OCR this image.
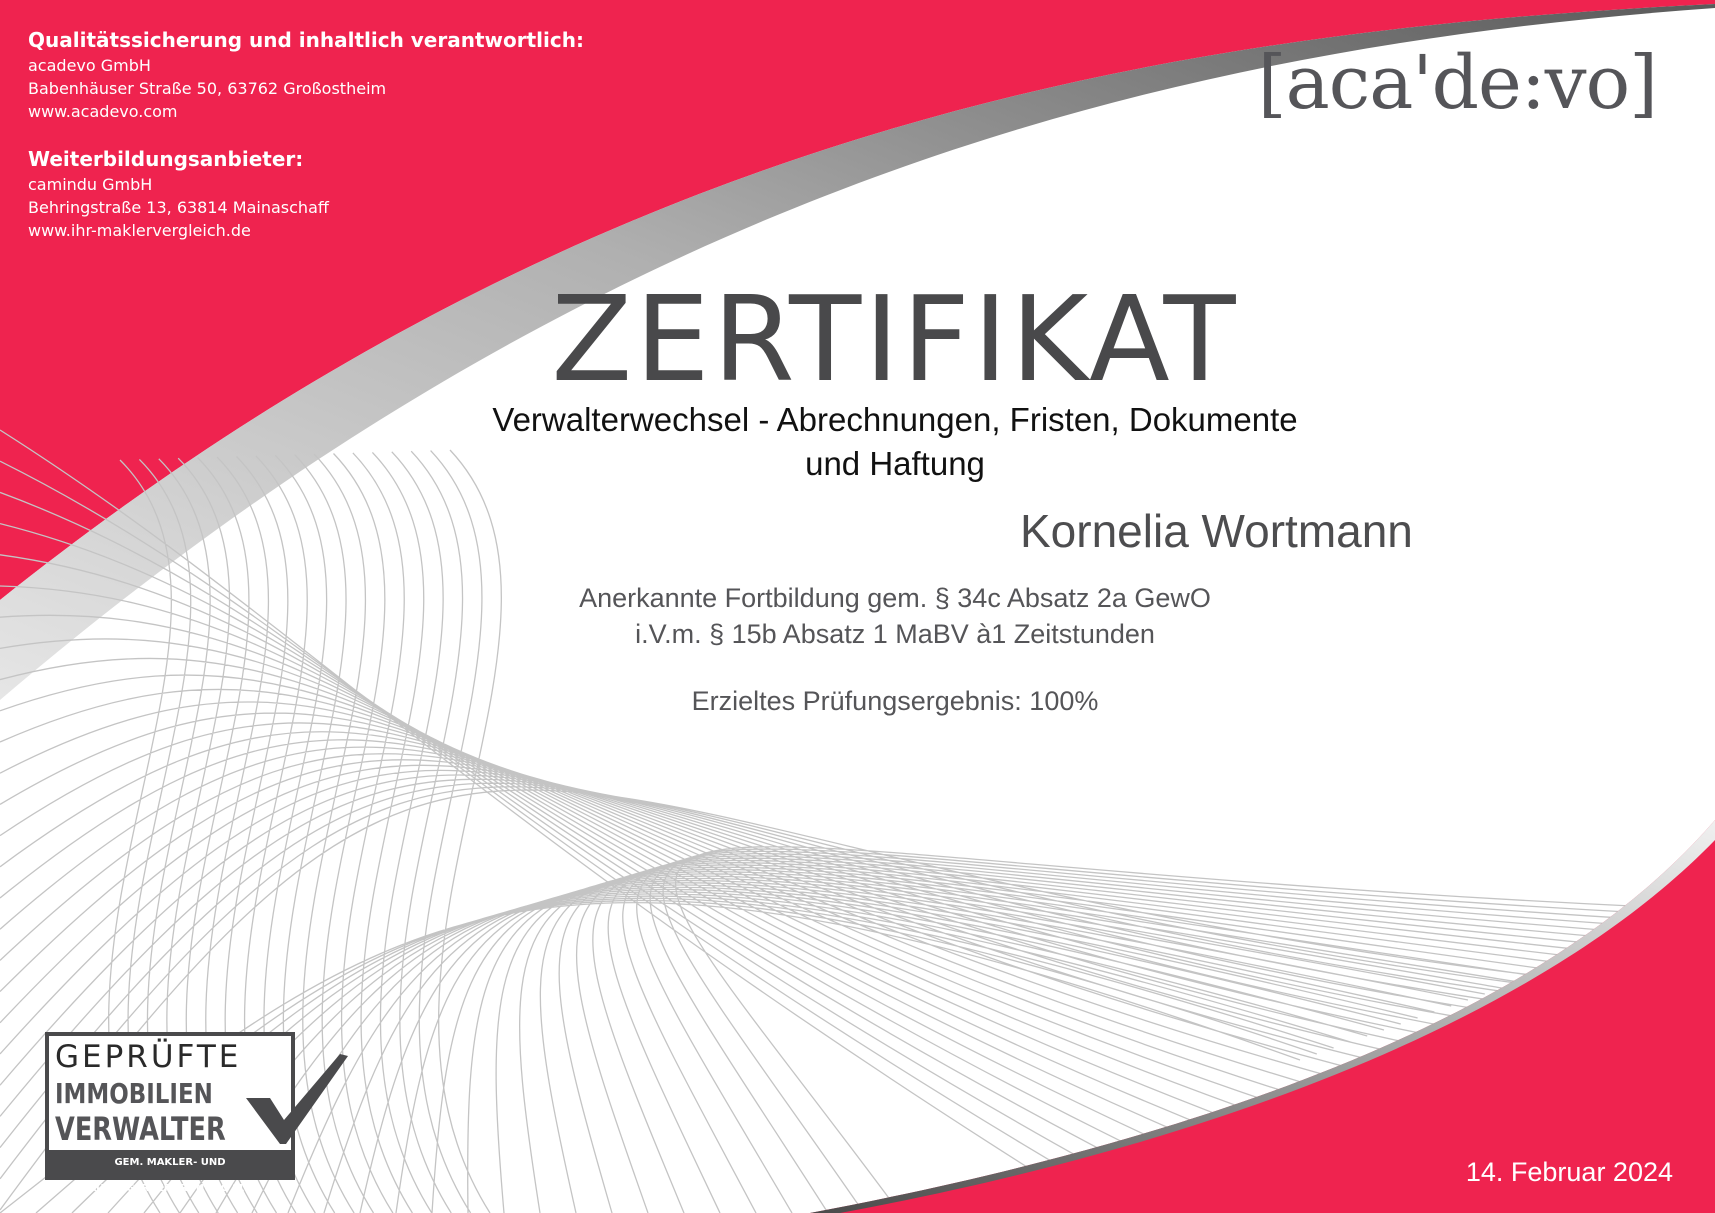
Qualitätssicherung und inhaltlich verantwortlich:
acadevo GmbH
Babenhäuser Straße 50, 63762 Großostheim
www.acadevo.com
Weiterbildungsanbieter:
camindu GmbH
Behringstraße 13, 63814 Mainaschaff
www.ihr-maklervergleich.de
[aca'de:vo]
ZERTIFIKAT
Verwalterwechsel - Abrechnungen, Fristen, Dokumente
und Haftung
Kornelia Wortmann
Anerkannte Fortbildung gem. § 34c Absatz 2a GewO
i.V.m. § 15b Absatz 1 MaBV à1 Zeitstunden
Erzieltes Prüfungsergebnis: 100%
14. Februar 2024
GEPRÜFTE
IMMOBILIEN
VERWALTER
GEM. MAKLER- UND BAUTRÄGERVERORDNUNG §15B
